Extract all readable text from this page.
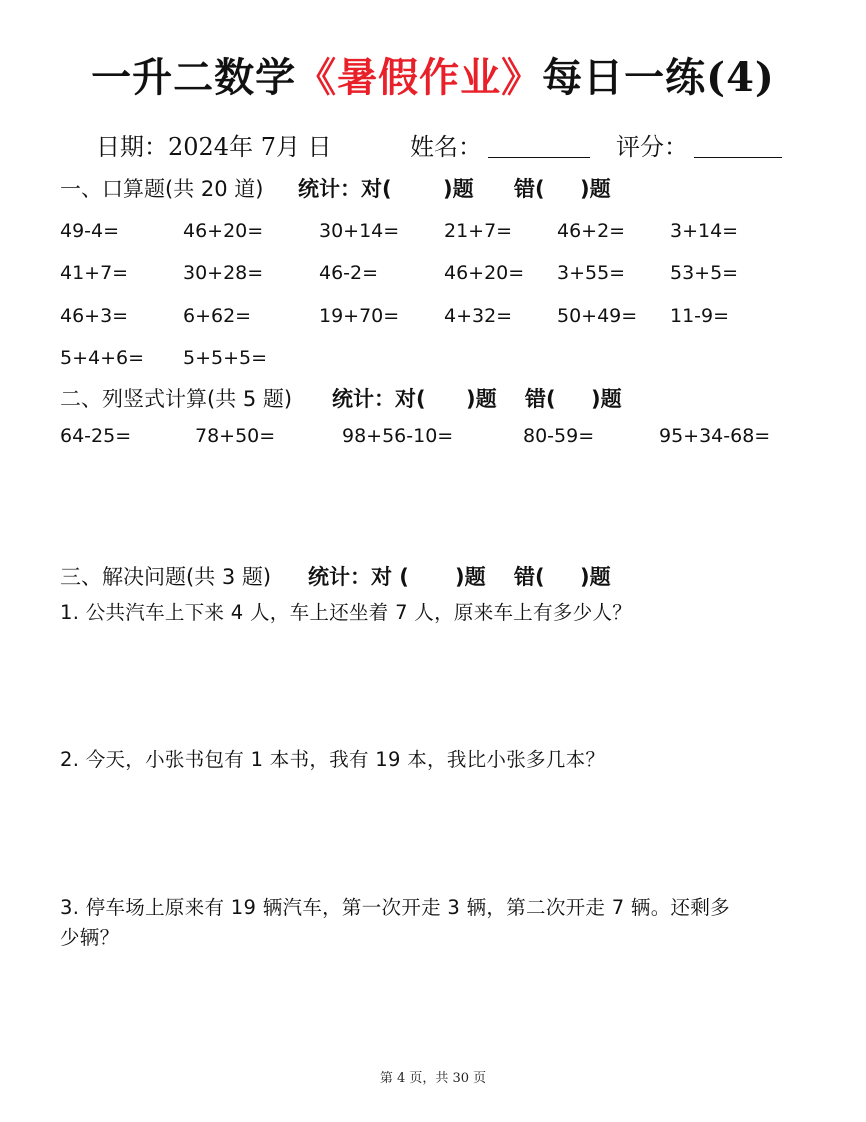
一升二数学《暑假作业》每日一练(4)
日期：2024年 7月 日	姓名：	评分：
一、口算题(共 20 道) 统计：对( )题 错( )题
49-4=	46+20=	30+14= 21+7= 46+2= 3+14=
41+7=	30+28=	46-2=	46+20= 3+55= 53+5=
46+3=	6+62=	19+70= 4+32= 50+49= 11-9=
5+4+6= 5+5+5=
二、列竖式计算(共 5 题) 统计：对( )题 错( )题
64-25=	78+50=	98+56-10=	80-59=	95+34-68=
三、解决问题(共 3 题) 统计：对 ( )题 错( )题
1. 公共汽车上下来 4 人，车上还坐着 7 人，原来车上有多少人？
2. 今天，小张书包有 1 本书，我有 19 本，我比小张多几本？
3. 停车场上原来有 19 辆汽车，第一次开走 3 辆，第二次开走 7 辆。还剩多
少辆？
第 4 页，共 30 页
